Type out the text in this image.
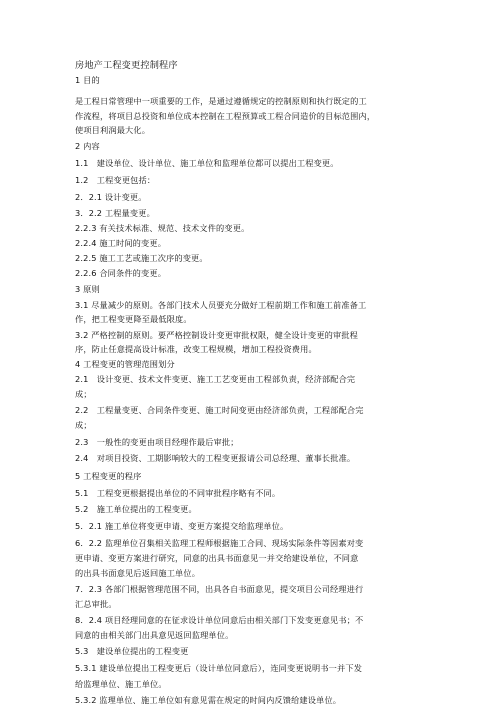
房地产工程变更控制程序
1 目的
是工程日常管理中一项重要的工作，是通过遵循规定的控制原则和执行既定的工
作流程，将项目总投资和单位成本控制在工程预算或工程合同造价的目标范围内，
使项目利润最大化。
2 内容
1.1　建设单位、设计单位、施工单位和监理单位都可以提出工程变更。
1.2　工程变更包括：
2．2.1 设计变更。
3．2.2 工程量变更。
2.2.3 有关技术标准、规范、技术文件的变更。
2.2.4 施工时间的变更。
2.2.5 施工工艺或施工次序的变更。
2.2.6 合同条件的变更。
3 原则
3.1 尽量减少的原则。各部门技术人员要充分做好工程前期工作和施工前准备工
作，把工程变更降至最低限度。
3.2 严格控制的原则。要严格控制设计变更审批权限，健全设计变更的审批程
序，防止任意提高设计标准，改变工程规模，增加工程投资费用。
4 工程变更的管理范围划分
2.1　设计变更、技术文件变更、施工工艺变更由工程部负责，经济部配合完
成；
2.2　工程量变更、合同条件变更、施工时间变更由经济部负责，工程部配合完
成；
2.3　一般性的变更由项目经理作最后审批；
2.4　对项目投资、工期影响较大的工程变更报请公司总经理、董事长批准。
5 工程变更的程序
5.1　工程变更根据提出单位的不同审批程序略有不同。
5.2　施工单位提出的工程变更。
5．2.1 施工单位将变更申请、变更方案提交给监理单位。
6．2.2 监理单位召集相关监理工程师根据施工合同、现场实际条件等因素对变
更申请、变更方案进行研究，同意的出具书面意见一并交给建设单位，不同意
的出具书面意见后返回施工单位。
7．2.3 各部门根据管理范围不同，出具各自书面意见，提交项目公司经理进行
汇总审批。
8．2.4 项目经理同意的在征求设计单位同意后由相关部门下发变更意见书；不
同意的由相关部门出具意见返回监理单位。
5.3　建设单位提出的工程变更
5.3.1 建设单位提出工程变更后（设计单位同意后），连同变更说明书一并下发
给监理单位、施工单位。
5.3.2 监理单位、施工单位如有意见需在规定的时间内反馈给建设单位。
